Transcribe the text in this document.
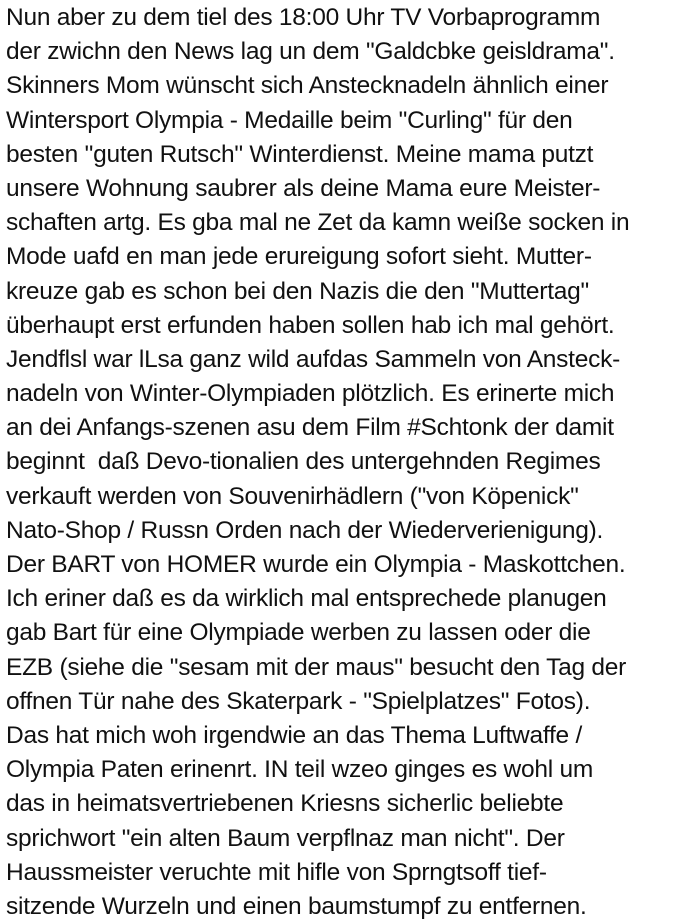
Nun aber zu dem tiel des 18:00 Uhr TV Vorbaprogramm
der zwichn den News lag un dem "Galdcbke geisldrama".
Skinners Mom wünscht sich Anstecknadeln ähnlich einer
Wintersport Olympia - Medaille beim "Curling" für den
besten "guten Rutsch" Winterdienst. Meine mama putzt
unsere Wohnung saubrer als deine Mama eure Meister-
schaften artg. Es gba mal ne Zet da kamn weiße socken in
Mode uafd en man jede erureigung sofort sieht. Mutter-
kreuze gab es schon bei den Nazis die den "Muttertag"
überhaupt erst erfunden haben sollen hab ich mal gehört.
Jendflsl war lLsa ganz wild aufdas Sammeln von Ansteck-
nadeln von Winter-Olympiaden plötzlich. Es erinerte mich
an dei Anfangs-szenen asu dem Film #Schtonk der damit
beginnt  daß Devo-tionalien des untergehnden Regimes
verkauft werden von Souvenirhädlern ("von Köpenick"
Nato-Shop / Russn Orden nach der Wiederverienigung).
Der BART von HOMER wurde ein Olympia - Maskottchen.
Ich eriner daß es da wirklich mal entsprechede planugen
gab Bart für eine Olympiade werben zu lassen oder die
EZB (siehe die "sesam mit der maus" besucht den Tag der
offnen Tür nahe des Skaterpark - "Spielplatzes" Fotos).
Das hat mich woh irgendwie an das Thema Luftwaffe /
Olympia Paten erinenrt. IN teil wzeo ginges es wohl um
das in heimatsvertriebenen Kriesns sicherlic beliebte
sprichwort "ein alten Baum verpflnaz man nicht". Der
Haussmeister veruchte mit hifle von Sprngtsoff tief-
sitzende Wurzeln und einen baumstumpf zu entfernen.
